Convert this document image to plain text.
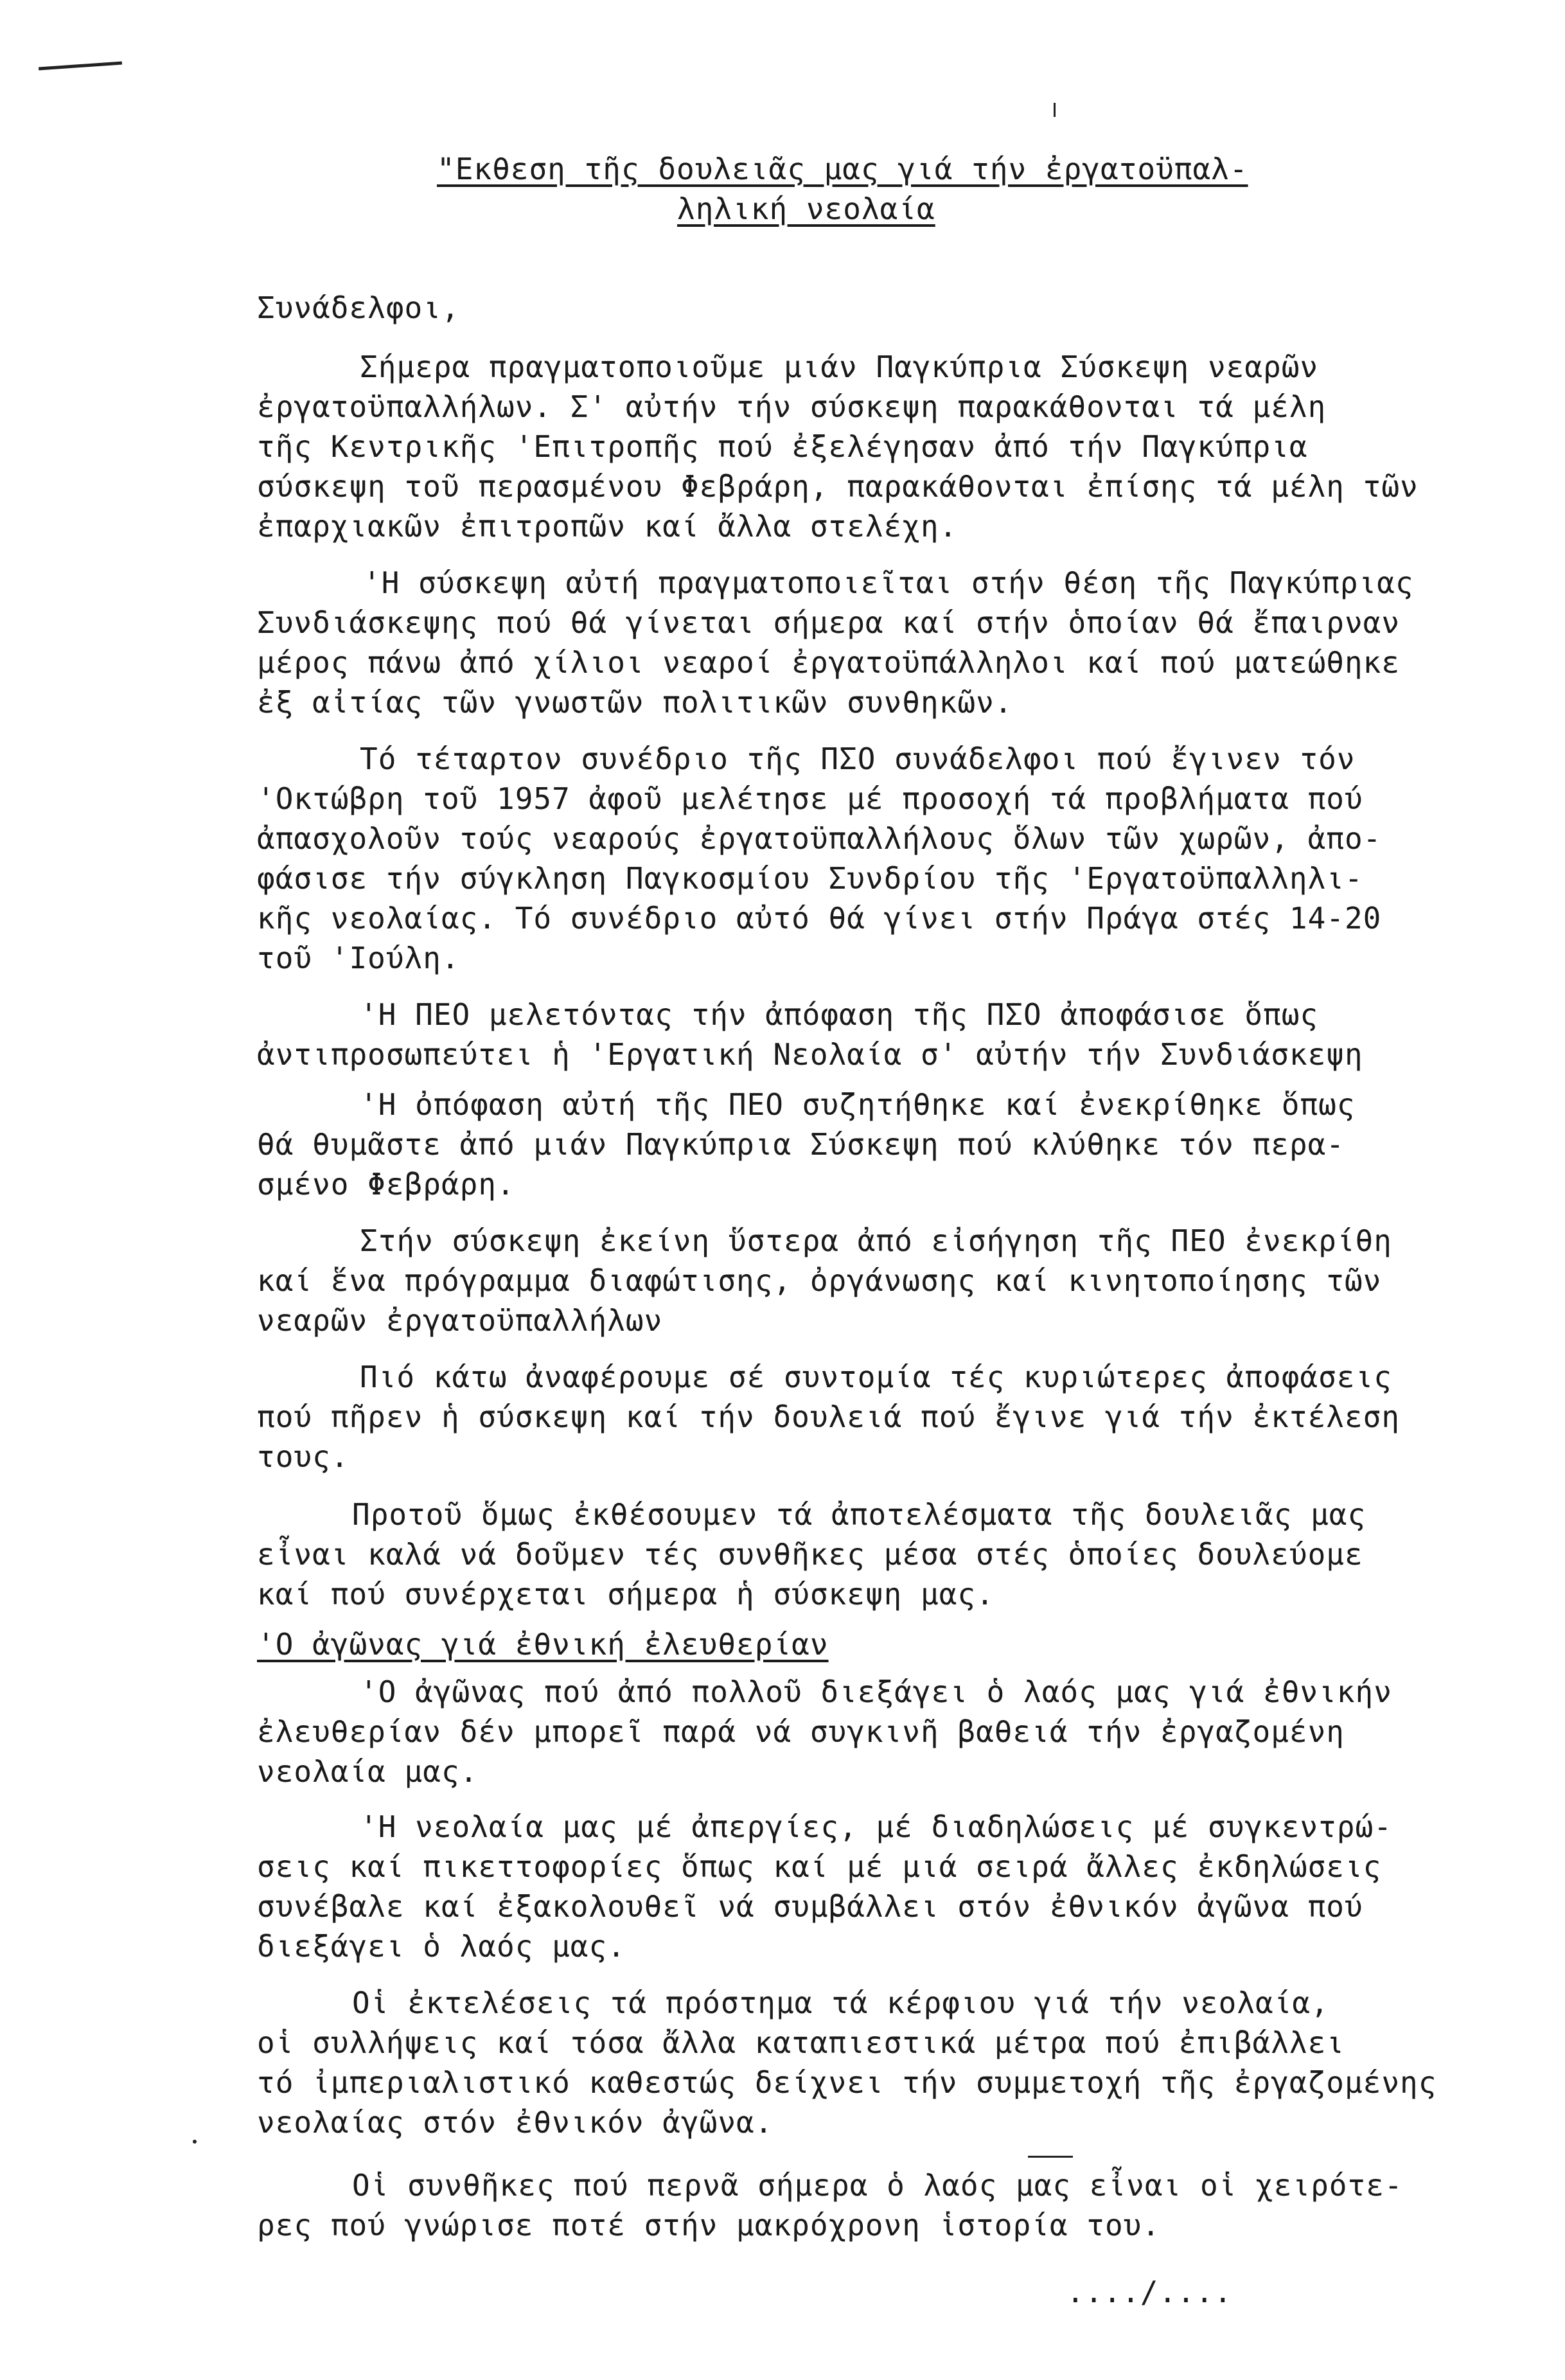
"Εκθεση τῆς δουλειᾶς μας γιά τήν ἐργατοϋπαλ-
ληλική νεολαία
Συνάδελφοι,
Σήμερα πραγματοποιοῦμε μιάν Παγκύπρια Σύσκεψη νεαρῶν
ἐργατοϋπαλλήλων. Σ' αὐτήν τήν σύσκεψη παρακάθονται τά μέλη
τῆς Κεντρικῆς 'Επιτροπῆς πού ἐξελέγησαν ἀπό τήν Παγκύπρια
σύσκεψη τοῦ περασμένου Φεβράρη, παρακάθονται ἐπίσης τά μέλη τῶν
ἐπαρχιακῶν ἐπιτροπῶν καί ἄλλα στελέχη.
'Η σύσκεψη αὐτή πραγματοποιεῖται στήν θέση τῆς Παγκύπριας
Συνδιάσκεψης πού θά γίνεται σήμερα καί στήν ὁποίαν θά ἔπαιρναν
μέρος πάνω ἀπό χίλιοι νεαροί ἐργατοϋπάλληλοι καί πού ματεώθηκε
ἐξ αἰτίας τῶν γνωστῶν πολιτικῶν συνθηκῶν.
Τό τέταρτον συνέδριο τῆς ΠΣΟ συνάδελφοι πού ἔγινεν τόν
'Οκτώβρη τοῦ 1957 ἀφοῦ μελέτησε μέ προσοχή τά προβλήματα πού
ἀπασχολοῦν τούς νεαρούς ἐργατοϋπαλλήλους ὅλων τῶν χωρῶν, ἀπο-
φάσισε τήν σύγκληση Παγκοσμίου Συνδρίου τῆς 'Εργατοϋπαλληλι-
κῆς νεολαίας. Τό συνέδριο αὐτό θά γίνει στήν Πράγα στές 14-20
τοῦ 'Ιούλη.
'Η ΠΕΟ μελετόντας τήν ἀπόφαση τῆς ΠΣΟ ἀποφάσισε ὅπως
ἀντιπροσωπεύτει ἡ 'Εργατική Νεολαία σ' αὐτήν τήν Συνδιάσκεψη
'Η ὀπόφαση αὐτή τῆς ΠΕΟ συζητήθηκε καί ἐνεκρίθηκε ὅπως
θά θυμᾶστε ἀπό μιάν Παγκύπρια Σύσκεψη πού κλύθηκε τόν περα-
σμένο Φεβράρη.
Στήν σύσκεψη ἐκείνη ὕστερα ἀπό εἰσήγηση τῆς ΠΕΟ ἐνεκρίθη
καί ἕνα πρόγραμμα διαφώτισης, ὀργάνωσης καί κινητοποίησης τῶν
νεαρῶν ἐργατοϋπαλλήλων
Πιό κάτω ἀναφέρουμε σέ συντομία τές κυριώτερες ἀποφάσεις
πού πῆρεν ἡ σύσκεψη καί τήν δουλειά πού ἔγινε γιά τήν ἐκτέλεση
τους.
Προτοῦ ὅμως ἐκθέσουμεν τά ἀποτελέσματα τῆς δουλειᾶς μας
εἶναι καλά νά δοῦμεν τές συνθῆκες μέσα στές ὁποίες δουλεύομε
καί πού συνέρχεται σήμερα ἡ σύσκεψη μας.
'Ο ἀγῶνας γιά ἐθνική ἐλευθερίαν
'Ο ἀγῶνας πού ἀπό πολλοῦ διεξάγει ὁ λαός μας γιά ἐθνικήν
ἐλευθερίαν δέν μπορεῖ παρά νά συγκινῆ βαθειά τήν ἐργαζομένη
νεολαία μας.
'Η νεολαία μας μέ ἀπεργίες, μέ διαδηλώσεις μέ συγκεντρώ-
σεις καί πικεττοφορίες ὅπως καί μέ μιά σειρά ἄλλες ἐκδηλώσεις
συνέβαλε καί ἐξακολουθεῖ νά συμβάλλει στόν ἐθνικόν ἀγῶνα πού
διεξάγει ὁ λαός μας.
Οἱ ἐκτελέσεις τά πρόστημα τά κέρφιου γιά τήν νεολαία,
οἱ συλλήψεις καί τόσα ἄλλα καταπιεστικά μέτρα πού ἐπιβάλλει
τό ἰμπεριαλιστικό καθεστώς δείχνει τήν συμμετοχή τῆς ἐργαζομένης
νεολαίας στόν ἐθνικόν ἀγῶνα.
Οἱ συνθῆκες πού περνᾶ σήμερα ὁ λαός μας εἶναι οἱ χειρότε-
ρες πού γνώρισε ποτέ στήν μακρόχρονη ἱστορία του.
..../....
